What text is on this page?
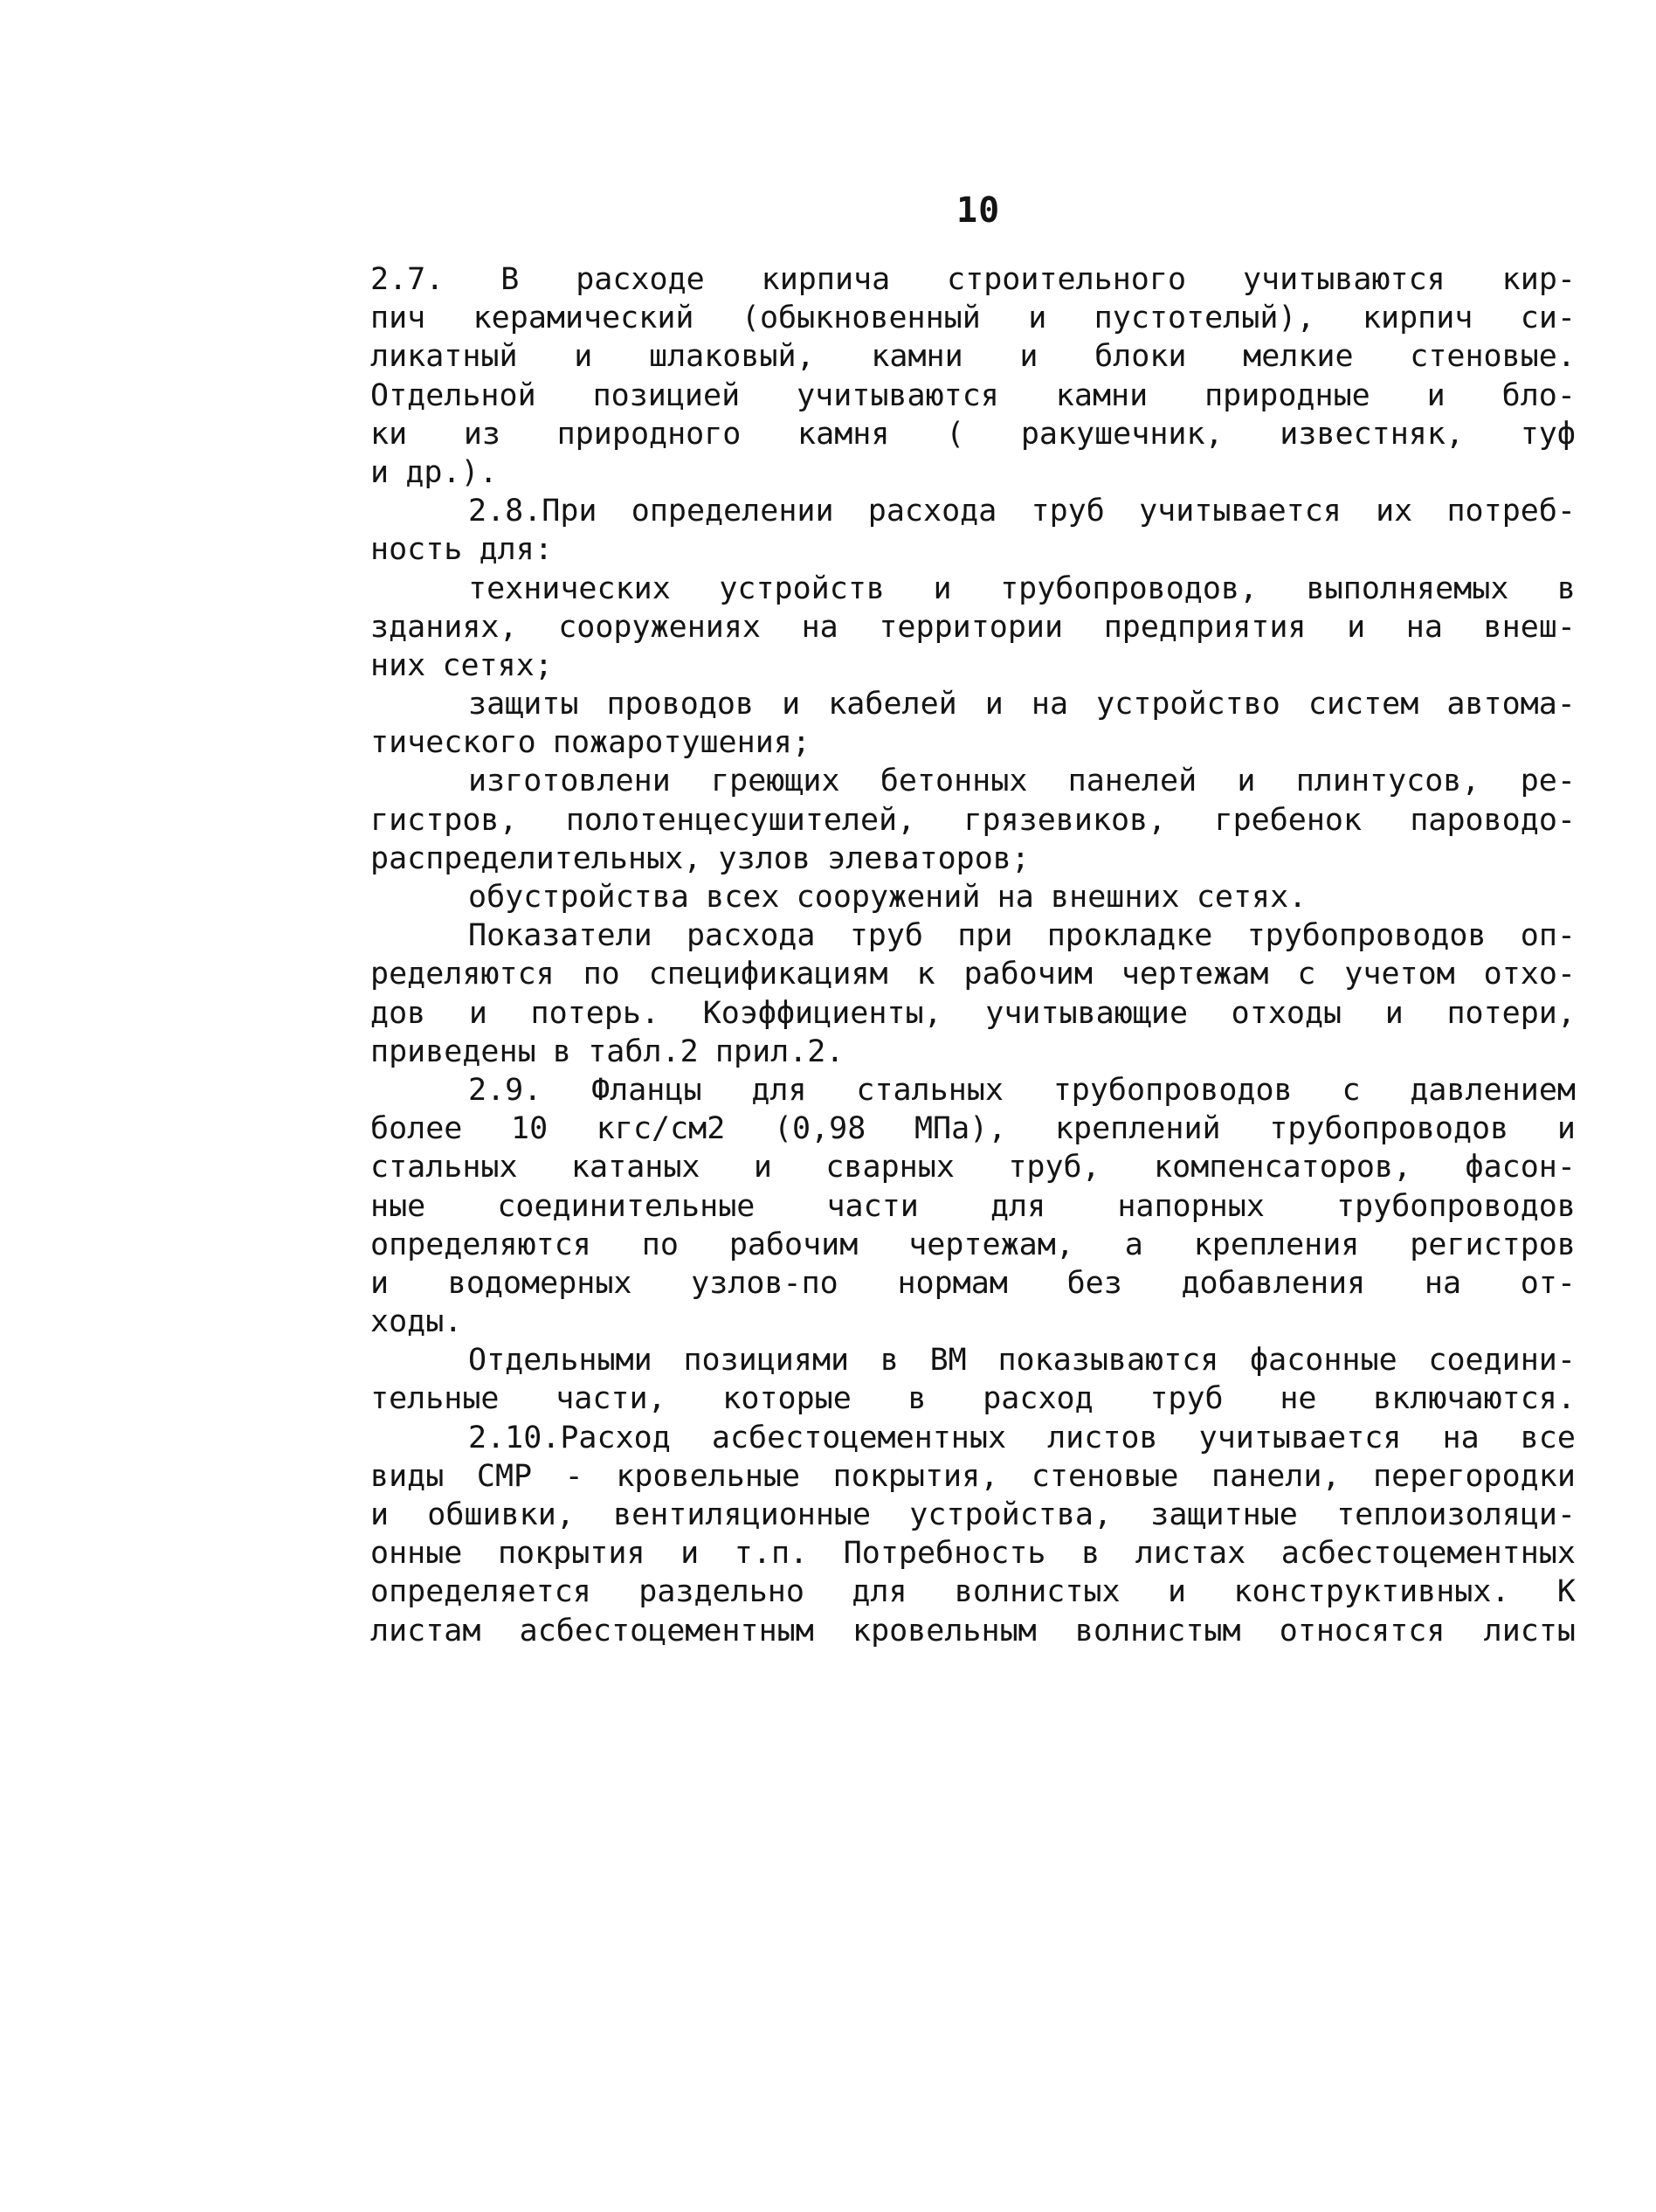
10
2.7. В расходе кирпича строительного учитываются кир-
пич керамический (обыкновенный и пустотелый), кирпич си-
ликатный и шлаковый, камни и блоки мелкие стеновые.
Отдельной позицией учитываются камни природные и бло-
ки из природного камня ( ракушечник, известняк, туф
и др.).
2.8.При определении расхода труб учитывается их потреб-
ность для:
технических устройств и трубопроводов, выполняемых в
зданиях, сооружениях на территории предприятия и на внеш-
них сетях;
защиты проводов и кабелей и на устройство систем автома-
тического пожаротушения;
изготовлени греющих бетонных панелей и плинтусов, ре-
гистров, полотенцесушителей, грязевиков, гребенок пароводо-
распределительных, узлов элеваторов;
обустройства всех сооружений на внешних сетях.
Показатели расхода труб при прокладке трубопроводов оп-
ределяются по спецификациям к рабочим чертежам с учетом отхо-
дов и потерь. Коэффициенты, учитывающие отходы и потери,
приведены в табл.2 прил.2.
2.9. Фланцы для стальных трубопроводов с давлением
более 10 кгс/см2 (0,98 МПа), креплений трубопроводов и
стальных катаных и сварных труб, компенсаторов, фасон-
ные соединительные части для напорных трубопроводов
определяются по рабочим чертежам, а крепления регистров
и водомерных узлов-по нормам без добавления на от-
ходы.
Отдельными позициями в ВМ показываются фасонные соедини-
тельные части, которые в расход труб не включаются.
2.10.Расход асбестоцементных листов учитывается на все
виды СМР - кровельные покрытия, стеновые панели, перегородки
и обшивки, вентиляционные устройства, защитные теплоизоляци-
онные покрытия и т.п. Потребность в листах асбестоцементных
определяется раздельно для волнистых и конструктивных. К
листам асбестоцементным кровельным волнистым относятся листы
